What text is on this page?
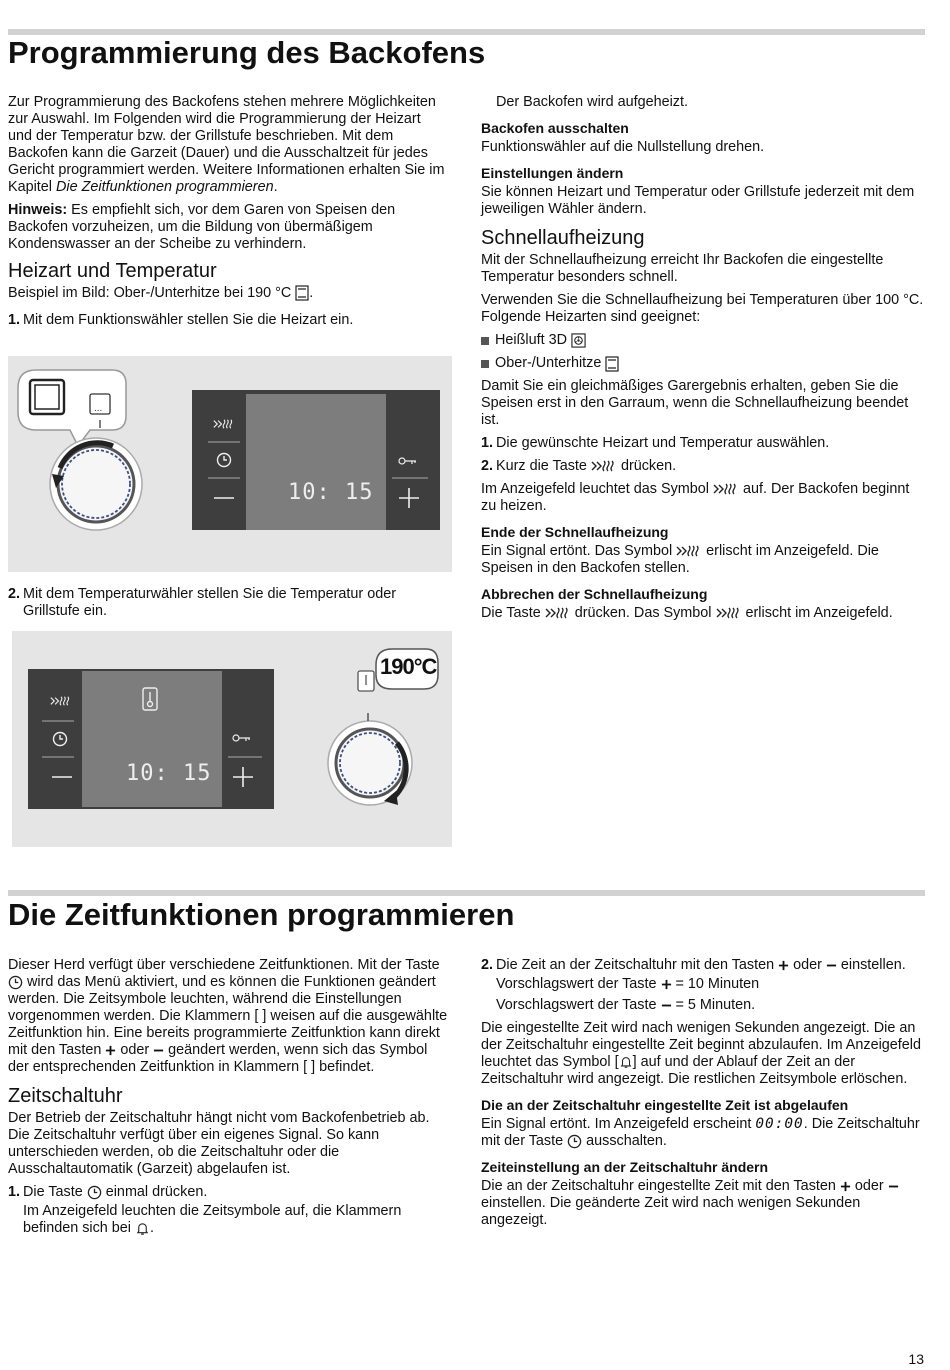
Programmierung des Backofens

Zur Programmierung des Backofens stehen mehrere Möglichkeiten zur Auswahl. Im Folgenden wird die Programmierung der Heizart und der Temperatur bzw. der Grillstufe beschrieben. Mit dem Backofen kann die Garzeit (Dauer) und die Ausschaltzeit für jedes Gericht programmiert werden. Weitere Informationen erhalten Sie im Kapitel Die Zeitfunktionen programmieren.

Hinweis: Es empfiehlt sich, vor dem Garen von Speisen den Backofen vorzuheizen, um die Bildung von übermäßigem Kondenswasser an der Scheibe zu verhindern.

Heizart und Temperatur

Beispiel im Bild: Ober-/Unterhitze bei 190 °C .

1. Mit dem Funktionswähler stellen Sie die Heizart ein.
...
10: 15
2. Mit dem Temperaturwähler stellen Sie die Temperatur oder Grillstufe ein.
10: 15
190°C

Der Backofen wird aufgeheizt.

Backofen ausschalten

Funktionswähler auf die Nullstellung drehen.

Einstellungen ändern

Sie können Heizart und Temperatur oder Grillstufe jederzeit mit dem jeweiligen Wähler ändern.

Schnellaufheizung

Mit der Schnellaufheizung erreicht Ihr Backofen die eingestellte Temperatur besonders schnell.

Verwenden Sie die Schnellaufheizung bei Temperaturen über 100 °C. Folgende Heizarten sind geeignet:

Heißluft 3D

Ober-/Unterhitze

Damit Sie ein gleichmäßiges Garergebnis erhalten, geben Sie die Speisen erst in den Garraum, wenn die Schnellaufheizung beendet ist.

1. Die gewünschte Heizart und Temperatur auswählen.
2. Kurz die Taste drücken.

Im Anzeigefeld leuchtet das Symbol auf. Der Backofen beginnt zu heizen.

Ende der Schnellaufheizung

Ein Signal ertönt. Das Symbol erlischt im Anzeigefeld. Die Speisen in den Backofen stellen.

Abbrechen der Schnellaufheizung

Die Taste drücken. Das Symbol erlischt im Anzeigefeld.

Die Zeitfunktionen programmieren

Dieser Herd verfügt über verschiedene Zeitfunktionen. Mit der Taste  wird das Menü aktiviert, und es können die Funktionen geändert werden. Die Zeitsymbole leuchten, während die Einstellungen vorgenommen werden. Die Klammern [ ] weisen auf die ausgewählte Zeitfunktion hin. Eine bereits programmierte Zeitfunktion kann direkt mit den Tasten oder geändert werden, wenn sich das Symbol der entsprechenden Zeitfunktion in Klammern [ ] befindet.

Zeitschaltuhr

Der Betrieb der Zeitschaltuhr hängt nicht vom Backofenbetrieb ab. Die Zeitschaltuhr verfügt über ein eigenes Signal. So kann unterschieden werden, ob die Zeitschaltuhr oder die Ausschaltautomatik (Garzeit) abgelaufen ist.

1. Die Taste einmal drücken.

Im Anzeigefeld leuchten die Zeitsymbole auf, die Klammern befinden sich bei .

2. Die Zeit an der Zeitschaltuhr mit den Tasten oder einstellen.

Vorschlagswert der Taste = 10 Minuten

Vorschlagswert der Taste = 5 Minuten.

Die eingestellte Zeit wird nach wenigen Sekunden angezeigt. Die an der Zeitschaltuhr eingestellte Zeit beginnt abzulaufen. Im Anzeigefeld leuchtet das Symbol [ ] auf und der Ablauf der Zeit an der Zeitschaltuhr wird angezeigt. Die restlichen Zeitsymbole erlöschen.

Die an der Zeitschaltuhr eingestellte Zeit ist abgelaufen

Ein Signal ertönt. Im Anzeigefeld erscheint 00:00. Die Zeitschaltuhr mit der Taste ausschalten.

Zeiteinstellung an der Zeitschaltuhr ändern

Die an der Zeitschaltuhr eingestellte Zeit mit den Tasten oder  einstellen. Die geänderte Zeit wird nach wenigen Sekunden angezeigt.

13
